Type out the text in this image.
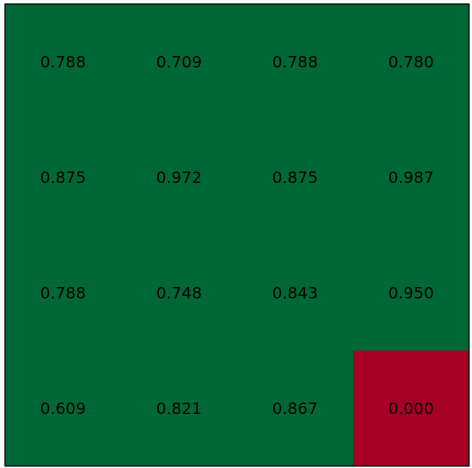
0.788	0.709	0.788	0.780
0.875	0.972	0.875	0.987
0.788	0.748	0.843	0.950
0.609	0.821	0.867	0.000
